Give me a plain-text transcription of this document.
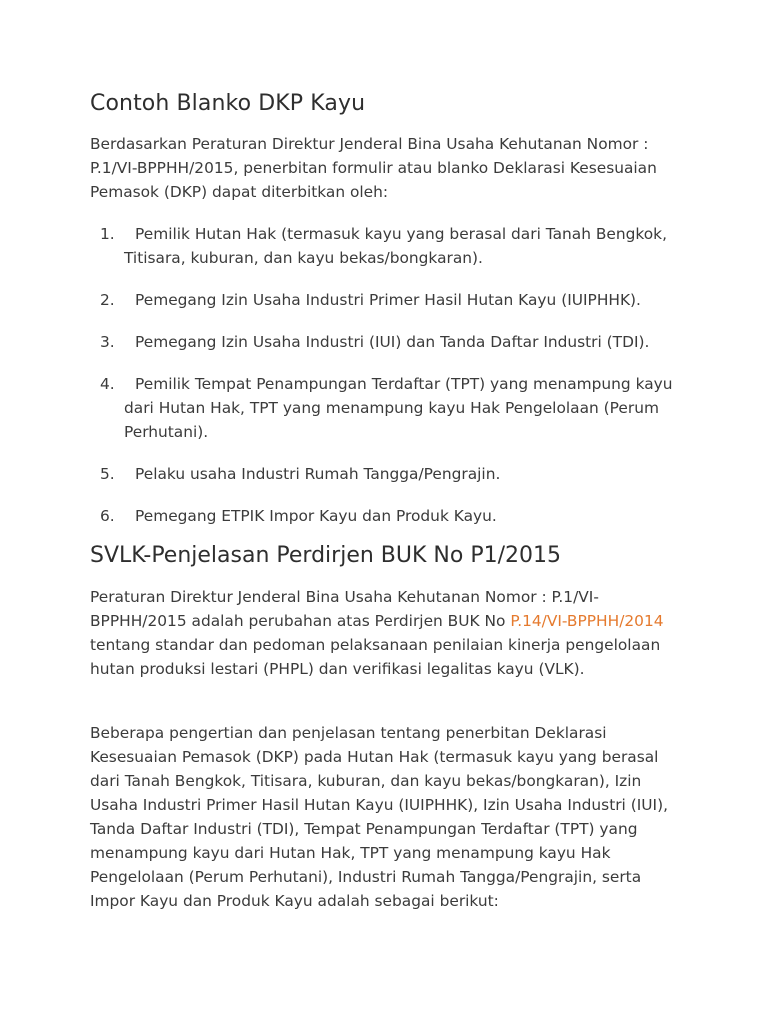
Contoh Blanko DKP Kayu

Berdasarkan Peraturan Direktur Jenderal Bina Usaha Kehutanan Nomor : P.1/VI-BPPHH/2015, penerbitan formulir atau blanko Deklarasi Kesesuaian Pemasok (DKP) dapat diterbitkan oleh:

1.	Pemilik Hutan Hak (termasuk kayu yang berasal dari Tanah Bengkok, Titisara, kuburan, dan kayu bekas/bongkaran).
2.	Pemegang Izin Usaha Industri Primer Hasil Hutan Kayu (IUIPHHK).
3.	Pemegang Izin Usaha Industri (IUI) dan Tanda Daftar Industri (TDI).
4.	Pemilik Tempat Penampungan Terdaftar (TPT) yang menampung kayu dari Hutan Hak, TPT yang menampung kayu Hak Pengelolaan (Perum Perhutani).
5.	Pelaku usaha Industri Rumah Tangga/Pengrajin.
6.	Pemegang ETPIK Impor Kayu dan Produk Kayu.
SVLK-Penjelasan Perdirjen BUK No P1/2015

Peraturan Direktur Jenderal Bina Usaha Kehutanan Nomor : P.1/VI-BPPHH/2015 adalah perubahan atas Perdirjen BUK No P.14/VI-BPPHH/2014 tentang standar dan pedoman pelaksanaan penilaian kinerja pengelolaan hutan produksi lestari (PHPL) dan verifikasi legalitas kayu (VLK).

Beberapa pengertian dan penjelasan tentang penerbitan Deklarasi Kesesuaian Pemasok (DKP) pada Hutan Hak (termasuk kayu yang berasal dari Tanah Bengkok, Titisara, kuburan, dan kayu bekas/bongkaran), Izin Usaha Industri Primer Hasil Hutan Kayu (IUIPHHK), Izin Usaha Industri (IUI), Tanda Daftar Industri (TDI), Tempat Penampungan Terdaftar (TPT) yang menampung kayu dari Hutan Hak, TPT yang menampung kayu Hak Pengelolaan (Perum Perhutani), Industri Rumah Tangga/Pengrajin, serta Impor Kayu dan Produk Kayu adalah sebagai berikut:
